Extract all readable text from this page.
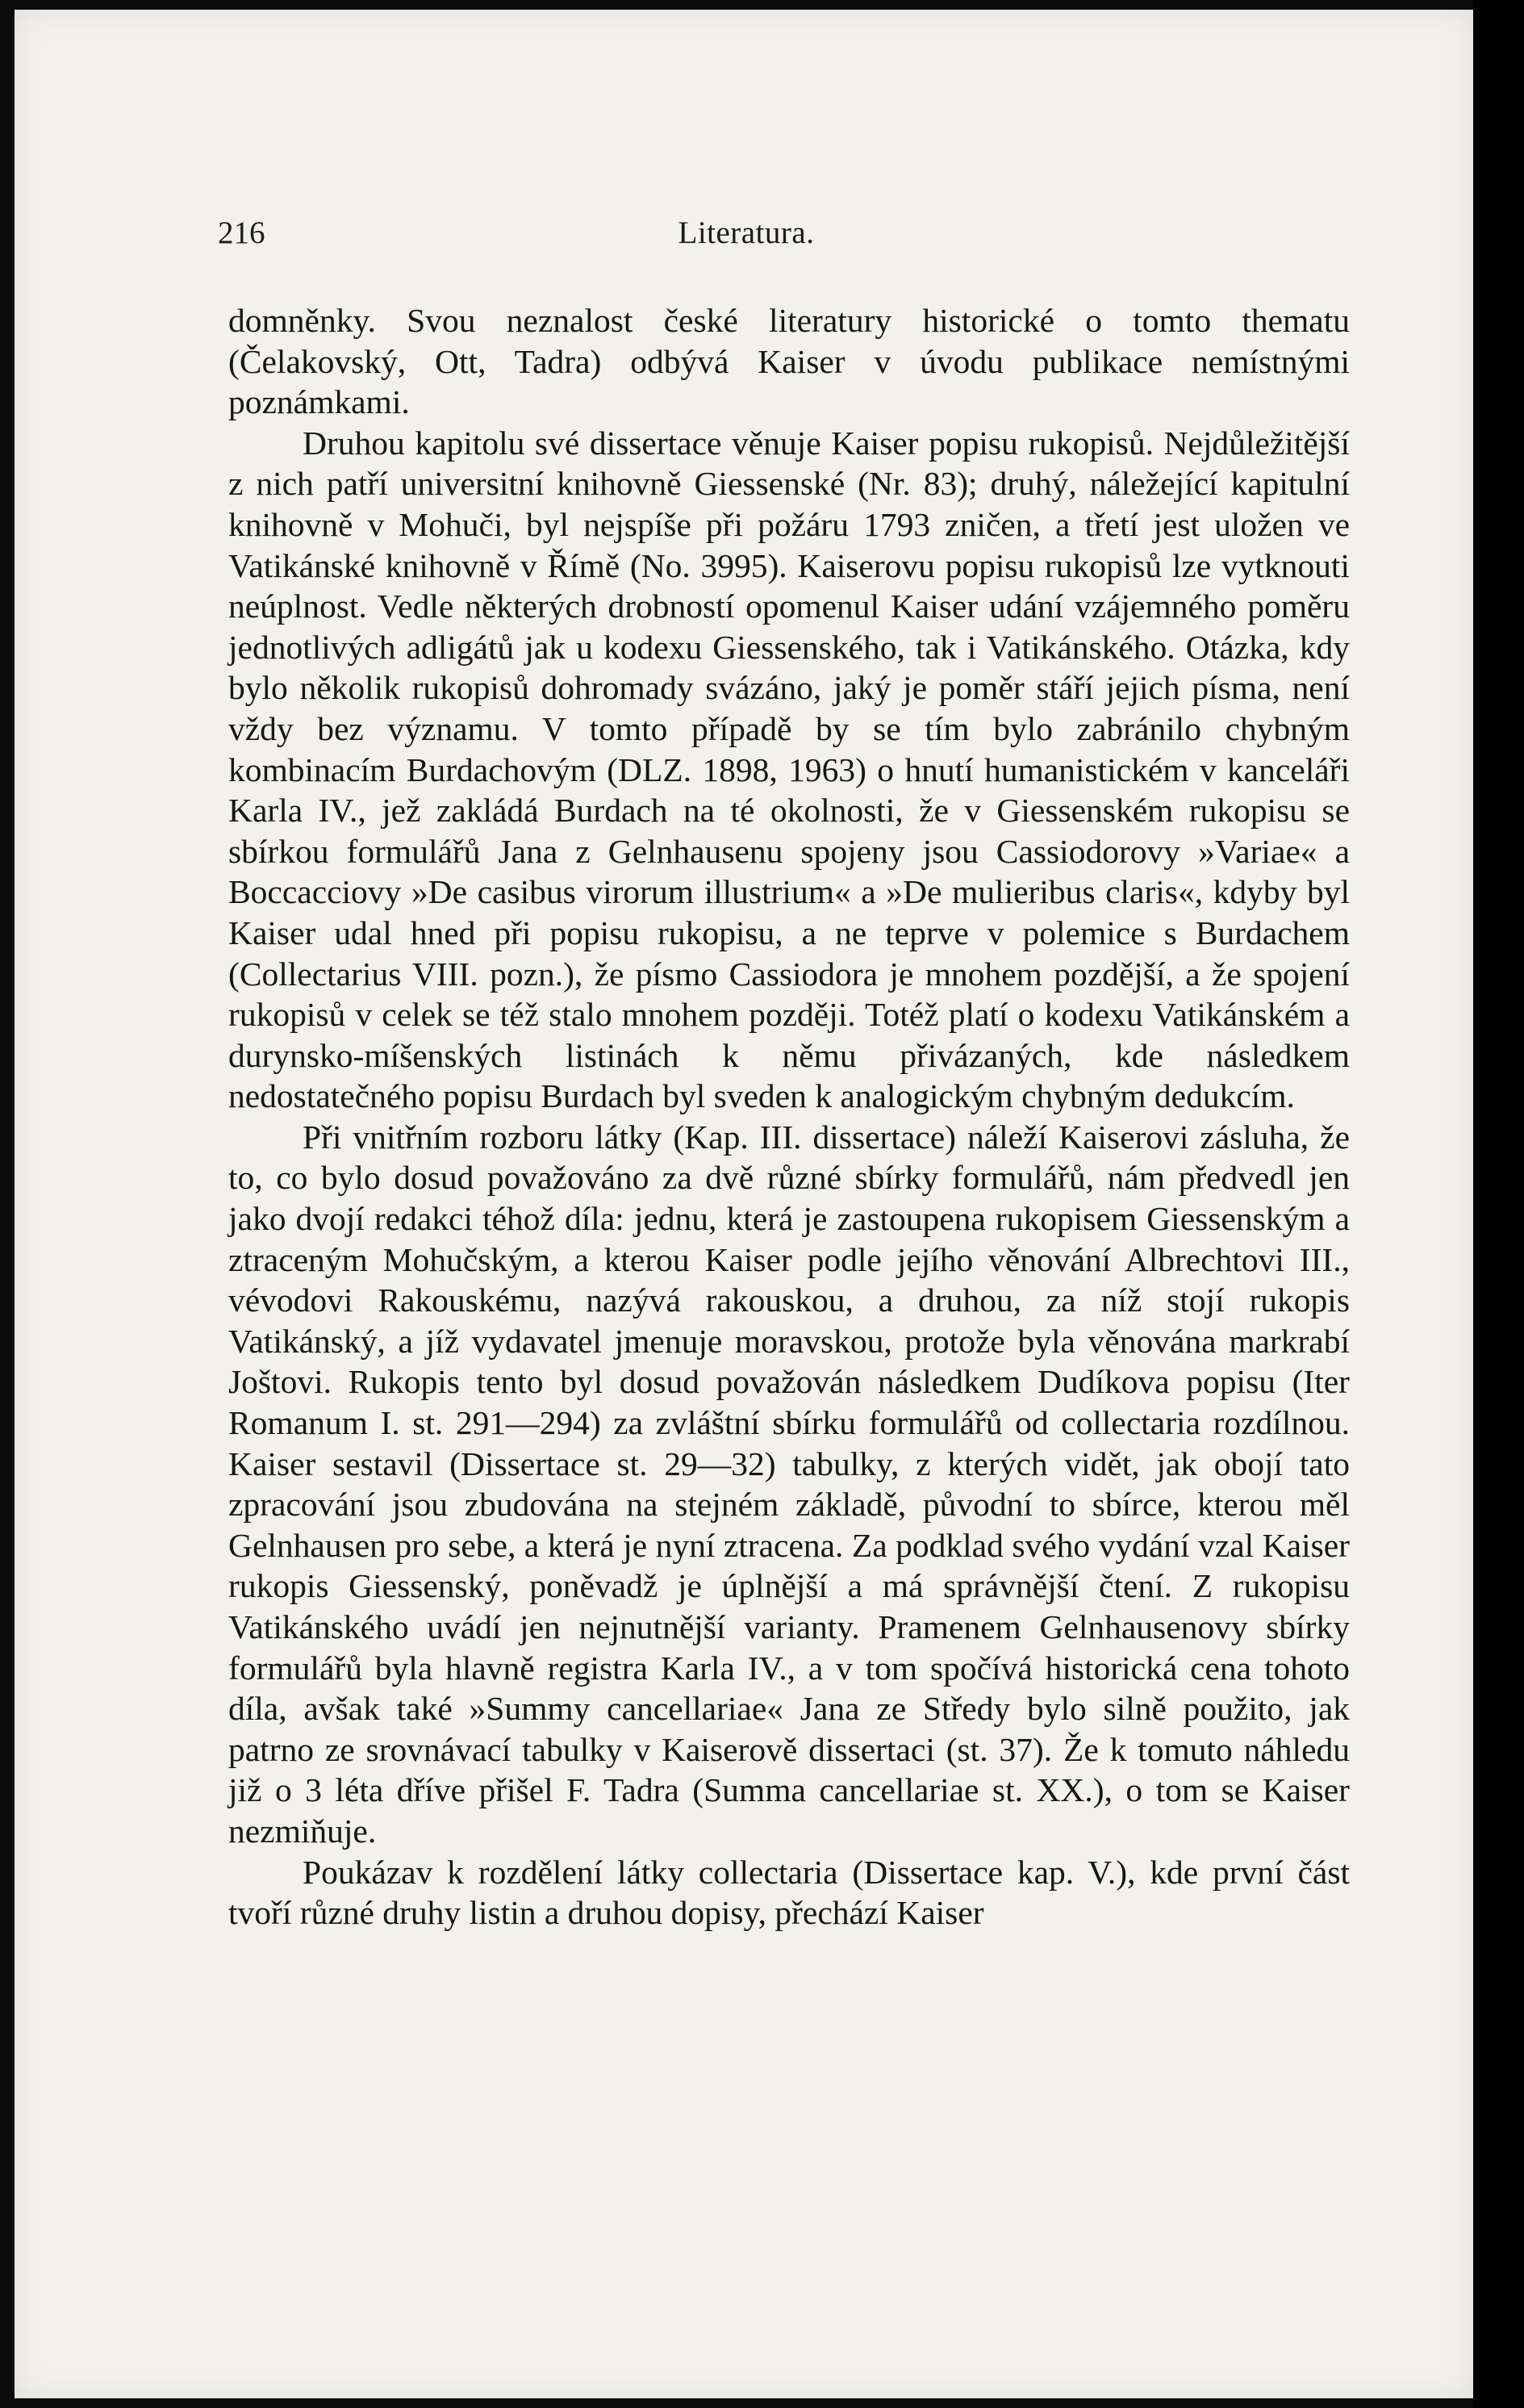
216	Literatura.

domněnky. Svou neznalost české literatury historické o tomto thematu (Čelakovský, Ott, Tadra) odbývá Kaiser v úvodu publikace nemístnými poznámkami.

Druhou kapitolu své dissertace věnuje Kaiser popisu rukopisů. Nejdůležitější z nich patří universitní knihovně Giessenské (Nr. 83); druhý, náležející kapitulní knihovně v Mohuči, byl nejspíše při požáru 1793 zničen, a třetí jest uložen ve Vatikánské knihovně v Římě (No. 3995). Kaiserovu popisu rukopisů lze vytknouti neúplnost. Vedle některých drobností opomenul Kaiser udání vzájemného poměru jednotlivých adligátů jak u kodexu Giessenského, tak i Vatikánského. Otázka, kdy bylo několik rukopisů dohromady svázáno, jaký je poměr stáří jejich písma, není vždy bez významu. V tomto případě by se tím bylo zabránilo chybným kombinacím Burdachovým (DLZ. 1898, 1963) o hnutí humanistickém v kanceláři Karla IV., jež zakládá Burdach na té okolnosti, že v Giessenském rukopisu se sbírkou formulářů Jana z Gelnhausenu spojeny jsou Cassiodorovy »Variae« a Boccacciovy »De casibus virorum illustrium« a »De mulieribus claris«, kdyby byl Kaiser udal hned při popisu rukopisu, a ne teprve v polemice s Burdachem (Collectarius VIII. pozn.), že písmo Cassiodora je mnohem pozdější, a že spojení rukopisů v celek se též stalo mnohem později. Totéž platí o kodexu Vatikánském a durynsko-míšenských listinách k němu přivázaných, kde následkem nedostatečného popisu Burdach byl sveden k analogickým chybným dedukcím.

Při vnitřním rozboru látky (Kap. III. dissertace) náleží Kaiserovi zásluha, že to, co bylo dosud považováno za dvě různé sbírky formulářů, nám předvedl jen jako dvojí redakci téhož díla: jednu, která je zastoupena rukopisem Giessenským a ztraceným Mohučským, a kterou Kaiser podle jejího věnování Albrechtovi III., vévodovi Rakouskému, nazývá rakouskou, a druhou, za níž stojí rukopis Vatikánský, a jíž vydavatel jmenuje moravskou, protože byla věnována markrabí Joštovi. Rukopis tento byl dosud považován následkem Dudíkova popisu (Iter Romanum I. st. 291—294) za zvláštní sbírku formulářů od collectaria rozdílnou. Kaiser sestavil (Dissertace st. 29—32) tabulky, z kterých vidět, jak obojí tato zpracování jsou zbudována na stejném základě, původní to sbírce, kterou měl Gelnhausen pro sebe, a která je nyní ztracena. Za podklad svého vydání vzal Kaiser rukopis Giessenský, poněvadž je úplnější a má správnější čtení. Z rukopisu Vatikánského uvádí jen nejnutnější varianty. Pramenem Gelnhausenovy sbírky formulářů byla hlavně registra Karla IV., a v tom spočívá historická cena tohoto díla, avšak také »Summy cancellariae« Jana ze Středy bylo silně použito, jak patrno ze srovnávací tabulky v Kaiserově dissertaci (st. 37). Že k tomuto náhledu již o 3 léta dříve přišel F. Tadra (Summa cancellariae st. XX.), o tom se Kaiser nezmiňuje.

Poukázav k rozdělení látky collectaria (Dissertace kap. V.), kde první část tvoří různé druhy listin a druhou dopisy, přechází Kaiser
